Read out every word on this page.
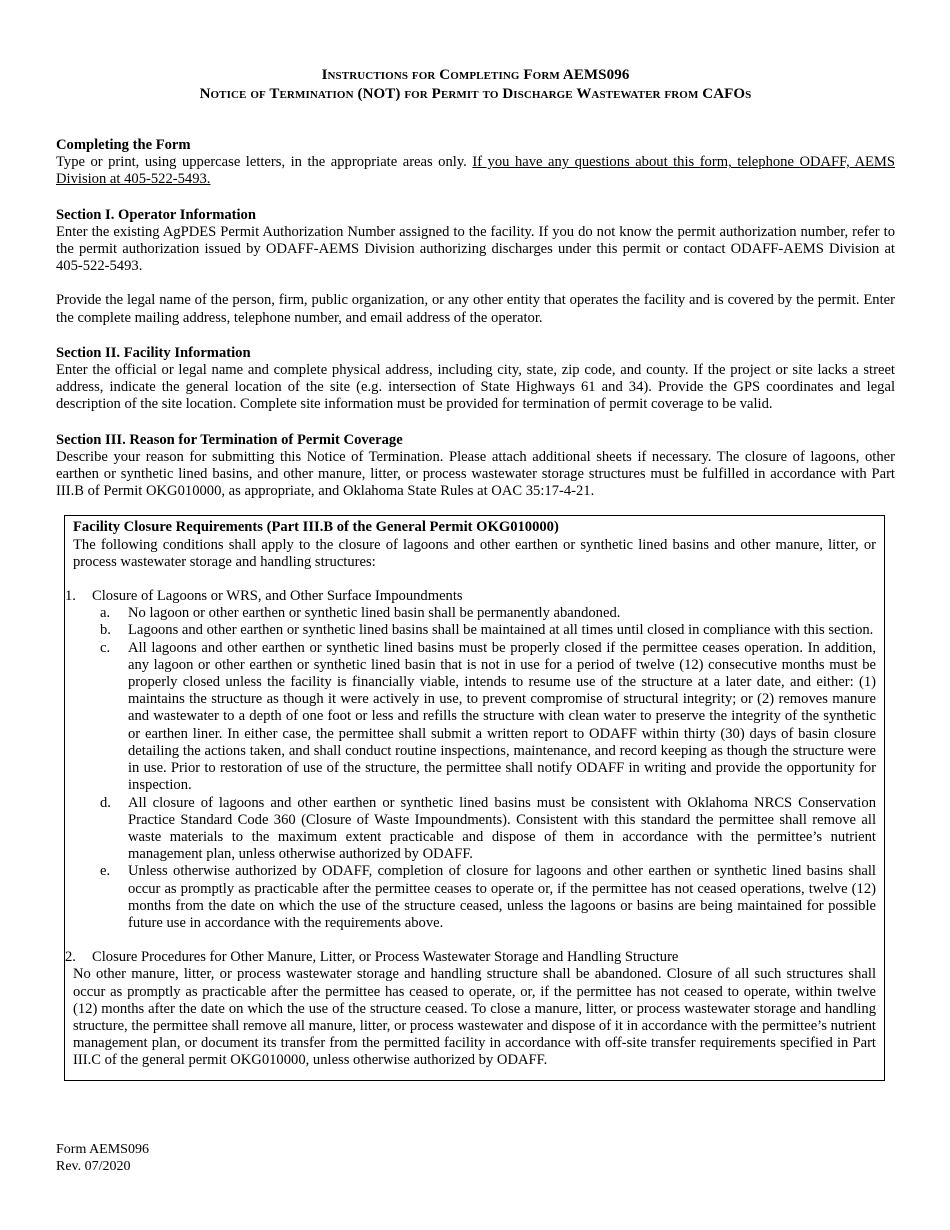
Instructions for Completing Form AEMS096
Notice of Termination (NOT) for Permit to Discharge Wastewater from CAFOs
Completing the Form

Type or print, using uppercase letters, in the appropriate areas only. If you have any questions about this form, telephone ODAFF, AEMS Division at 405-522-5493.

Section I. Operator Information

Enter the existing AgPDES Permit Authorization Number assigned to the facility. If you do not know the permit authorization number, refer to the permit authorization issued by ODAFF-AEMS Division authorizing discharges under this permit or contact ODAFF-AEMS Division at 405-522-5493.

Provide the legal name of the person, firm, public organization, or any other entity that operates the facility and is covered by the permit. Enter the complete mailing address, telephone number, and email address of the operator.

Section II. Facility Information

Enter the official or legal name and complete physical address, including city, state, zip code, and county. If the project or site lacks a street address, indicate the general location of the site (e.g. intersection of State Highways 61 and 34). Provide the GPS coordinates and legal description of the site location. Complete site information must be provided for termination of permit coverage to be valid.

Section III. Reason for Termination of Permit Coverage

Describe your reason for submitting this Notice of Termination. Please attach additional sheets if necessary. The closure of lagoons, other earthen or synthetic lined basins, and other manure, litter, or process wastewater storage structures must be fulfilled in accordance with Part III.B of Permit OKG010000, as appropriate, and Oklahoma State Rules at OAC 35:17-4-21.

Facility Closure Requirements (Part III.B of the General Permit OKG010000)

The following conditions shall apply to the closure of lagoons and other earthen or synthetic lined basins and other manure, litter, or process wastewater storage and handling structures:

1.	Closure of Lagoons or WRS, and Other Surface Impoundments
a.	No lagoon or other earthen or synthetic lined basin shall be permanently abandoned.
b.	Lagoons and other earthen or synthetic lined basins shall be maintained at all times until closed in compliance with this section.
c.	All lagoons and other earthen or synthetic lined basins must be properly closed if the permittee ceases operation. In addition, any lagoon or other earthen or synthetic lined basin that is not in use for a period of twelve (12) consecutive months must be properly closed unless the facility is financially viable, intends to resume use of the structure at a later date, and either: (1) maintains the structure as though it were actively in use, to prevent compromise of structural integrity; or (2) removes manure and wastewater to a depth of one foot or less and refills the structure with clean water to preserve the integrity of the synthetic or earthen liner. In either case, the permittee shall submit a written report to ODAFF within thirty (30) days of basin closure detailing the actions taken, and shall conduct routine inspections, maintenance, and record keeping as though the structure were in use. Prior to restoration of use of the structure, the permittee shall notify ODAFF in writing and provide the opportunity for inspection.
d.	All closure of lagoons and other earthen or synthetic lined basins must be consistent with Oklahoma NRCS Conservation Practice Standard Code 360 (Closure of Waste Impoundments). Consistent with this standard the permittee shall remove all waste materials to the maximum extent practicable and dispose of them in accordance with the permittee’s nutrient management plan, unless otherwise authorized by ODAFF.
e.	Unless otherwise authorized by ODAFF, completion of closure for lagoons and other earthen or synthetic lined basins shall occur as promptly as practicable after the permittee ceases to operate or, if the permittee has not ceased operations, twelve (12) months from the date on which the use of the structure ceased, unless the lagoons or basins are being maintained for possible future use in accordance with the requirements above.
2.	Closure Procedures for Other Manure, Litter, or Process Wastewater Storage and Handling Structure

No other manure, litter, or process wastewater storage and handling structure shall be abandoned. Closure of all such structures shall occur as promptly as practicable after the permittee has ceased to operate, or, if the permittee has not ceased to operate, within twelve (12) months after the date on which the use of the structure ceased. To close a manure, litter, or process wastewater storage and handling structure, the permittee shall remove all manure, litter, or process wastewater and dispose of it in accordance with the permittee’s nutrient management plan, or document its transfer from the permitted facility in accordance with off-site transfer requirements specified in Part III.C of the general permit OKG010000, unless otherwise authorized by ODAFF.

Form AEMS096
Rev. 07/2020
